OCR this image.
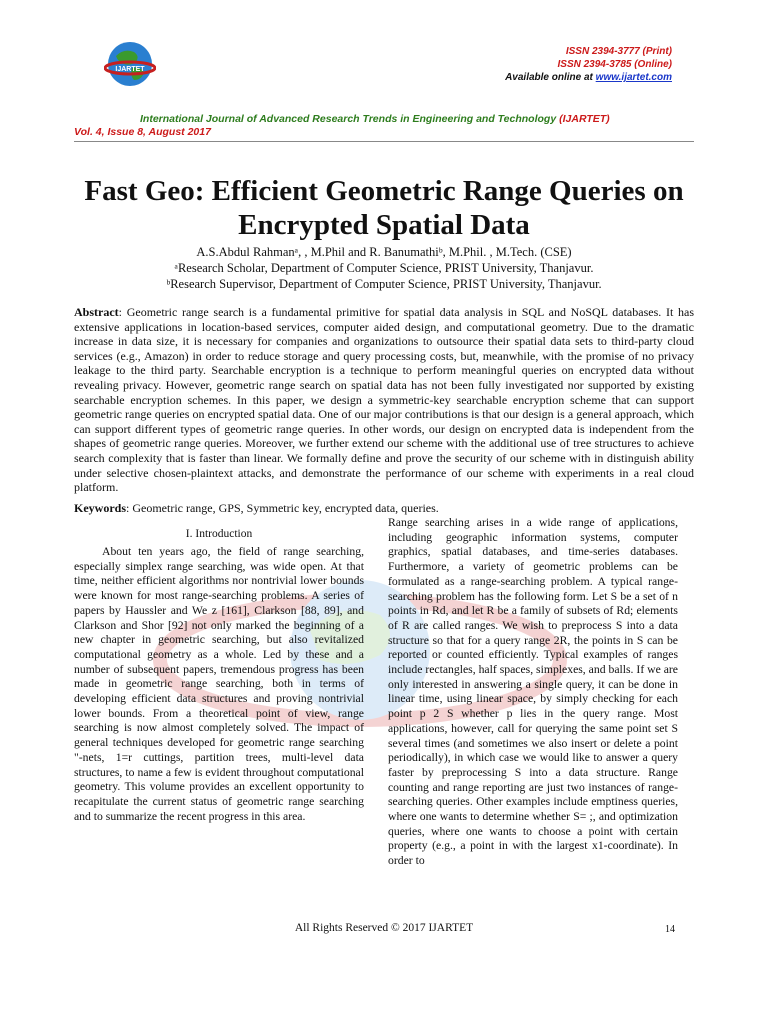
IJARTET
ISSN 2394-3777 (Print)
ISSN 2394-3785 (Online)
Available online at www.ijartet.com
International Journal of Advanced Research Trends in Engineering and Technology (IJARTET)
Vol. 4, Issue 8, August 2017
Fast Geo: Efficient Geometric Range Queries on
Encrypted Spatial Data
A.S.Abdul Rahmanᵃ, , M.Phil and R. Banumathiᵇ, M.Phil. , M.Tech. (CSE)
ᵃResearch Scholar, Department of Computer Science, PRIST University, Thanjavur.
ᵇResearch Supervisor, Department of Computer Science, PRIST University, Thanjavur.
Abstract: Geometric range search is a fundamental primitive for spatial data analysis in SQL and NoSQL databases. It has extensive applications in location-based services, computer aided design, and computational geometry. Due to the dramatic increase in data size, it is necessary for companies and organizations to outsource their spatial data sets to third-party cloud services (e.g., Amazon) in order to reduce storage and query processing costs, but, meanwhile, with the promise of no privacy leakage to the third party. Searchable encryption is a technique to perform meaningful queries on encrypted data without revealing privacy. However, geometric range search on spatial data has not been fully investigated nor supported by existing searchable encryption schemes. In this paper, we design a symmetric-key searchable encryption scheme that can support geometric range queries on encrypted spatial data. One of our major contributions is that our design is a general approach, which can support different types of geometric range queries. In other words, our design on encrypted data is independent from the shapes of geometric range queries. Moreover, we further extend our scheme with the additional use of tree structures to achieve search complexity that is faster than linear. We formally define and prove the security of our scheme with in distinguish ability under selective chosen-plaintext attacks, and demonstrate the performance of our scheme with experiments in a real cloud platform.
Keywords: Geometric range, GPS, Symmetric key, encrypted data, queries.
I. Introduction
About ten years ago, the field of range searching, especially simplex range searching, was wide open. At that time, neither efficient algorithms nor nontrivial lower bounds were known for most range-searching problems. A series of papers by Haussler and We z [161], Clarkson [88, 89], and Clarkson and Shor [92] not only marked the beginning of a new chapter in geometric searching, but also revitalized computational geometry as a whole. Led by these and a number of subsequent papers, tremendous progress has been made in geometric range searching, both in terms of developing efficient data structures and proving nontrivial lower bounds. From a theoretical point of view, range searching is now almost completely solved. The impact of general techniques developed for geometric range searching "-nets, 1=r cuttings, partition trees, multi-level data structures, to name a few is evident throughout computational geometry. This volume provides an excellent opportunity to recapitulate the current status of geometric range searching and to summarize the recent progress in this area.
Range searching arises in a wide range of applications, including geographic information systems, computer graphics, spatial databases, and time-series databases. Furthermore, a variety of geometric problems can be formulated as a range-searching problem. A typical range-searching problem has the following form. Let S be a set of n points in Rd, and let R be a family of subsets of Rd; elements of R are called ranges. We wish to preprocess S into a data structure so that for a query range 2R, the points in S can be reported or counted efficiently. Typical examples of ranges include rectangles, half spaces, simplexes, and balls. If we are only interested in answering a single query, it can be done in linear time, using linear space, by simply checking for each point p 2 S whether p lies in the query range. Most applications, however, call for querying the same point set S several times (and sometimes we also insert or delete a point periodically), in which case we would like to answer a query faster by preprocessing S into a data structure. Range counting and range reporting are just two instances of range-searching queries. Other examples include emptiness queries, where one wants to determine whether S= ;, and optimization queries, where one wants to choose a point with certain property (e.g., a point in with the largest x1-coordinate). In order to
All Rights Reserved © 2017 IJARTET	14
